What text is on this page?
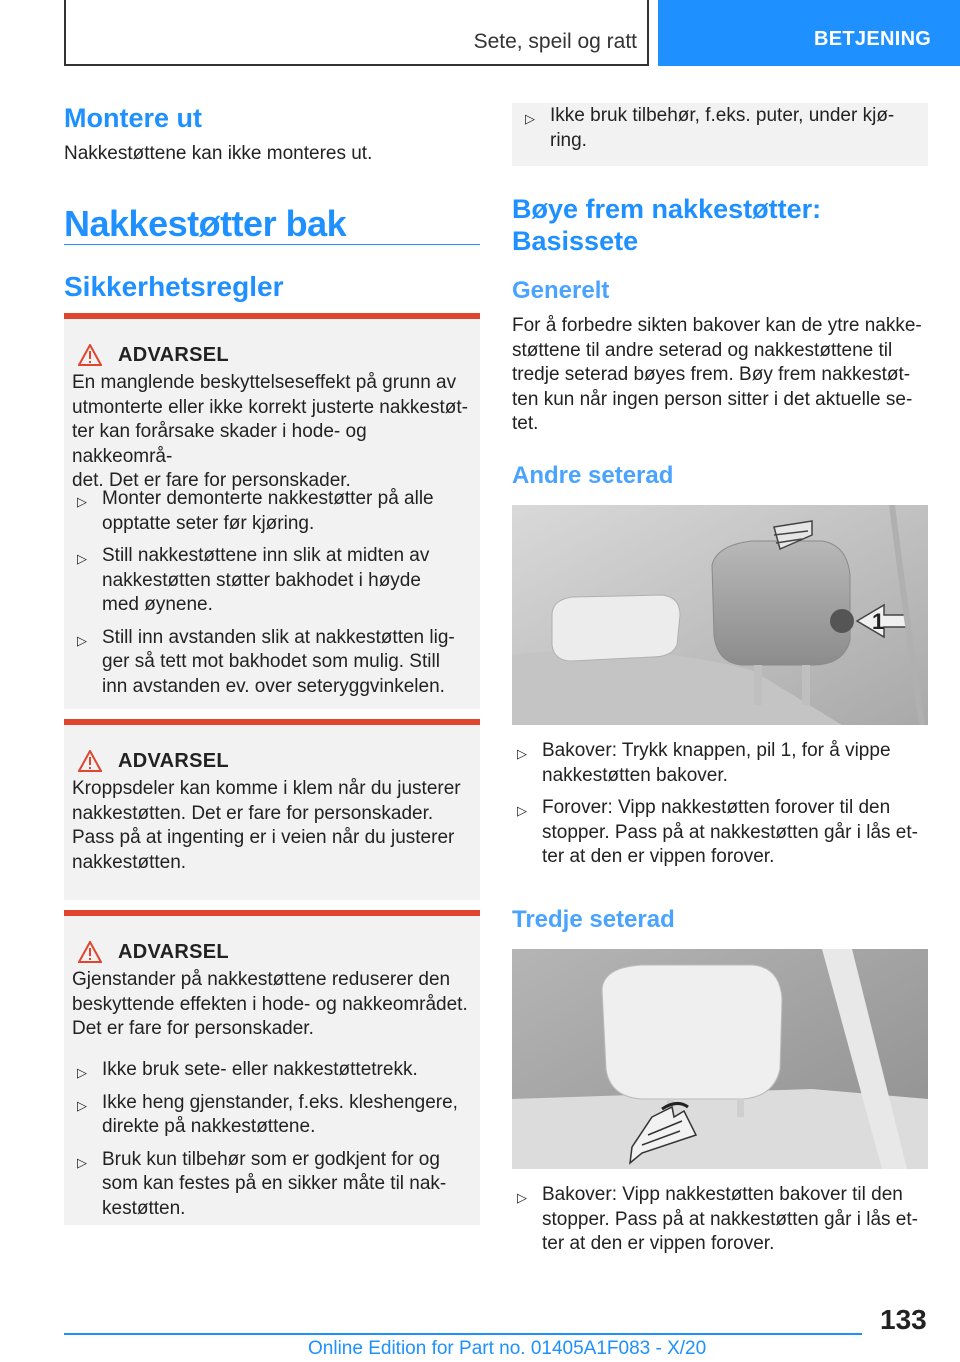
Sete, speil og ratt	BETJENING
Montere ut

Nakkestøttene kan ikke monteres ut.

Nakkestøtter bak
Sikkerhetsregler
ADVARSEL
En manglende beskyttelseseffekt på grunn av
utmonterte eller ikke korrekt justerte nakkestøt-
ter kan forårsake skader i hode- og nakkeområ-
det. Det er fare for personskader.
▷ Monter demonterte nakkestøtter på alle
opptatte seter før kjøring.
▷ Still nakkestøttene inn slik at midten av
nakkestøtten støtter bakhodet i høyde
med øynene.
▷ Still inn avstanden slik at nakkestøtten lig-
ger så tett mot bakhodet som mulig. Still
inn avstanden ev. over seteryggvinkelen.
ADVARSEL
Kroppsdeler kan komme i klem når du justerer
nakkestøtten. Det er fare for personskader.
Pass på at ingenting er i veien når du justerer
nakkestøtten.
ADVARSEL
Gjenstander på nakkestøttene reduserer den
beskyttende effekten i hode- og nakkeområdet.
Det er fare for personskader.
▷ Ikke bruk sete- eller nakkestøttetrekk.
▷ Ikke heng gjenstander, f.eks. kleshengere,
direkte på nakkestøttene.
▷ Bruk kun tilbehør som er godkjent for og
som kan festes på en sikker måte til nak-
kestøtten.
▷ Ikke bruk tilbehør, f.eks. puter, under kjø-
ring.
Bøye frem nakkestøtter:
Basissete
Generelt

For å forbedre sikten bakover kan de ytre nakke-
støttene til andre seterad og nakkestøttene til
tredje seterad bøyes frem. Bøy frem nakkestøt-
ten kun når ingen person sitter i det aktuelle se-
tet.

Andre seterad
1
▷ Bakover: Trykk knappen, pil 1, for å vippe
nakkestøtten bakover.
▷ Forover: Vipp nakkestøtten forover til den
stopper. Pass på at nakkestøtten går i lås et-
ter at den er vippen forover.
Tredje seterad
▷ Bakover: Vipp nakkestøtten bakover til den
stopper. Pass på at nakkestøtten går i lås et-
ter at den er vippen forover.
133
Online Edition for Part no. 01405A1F083 - X/20
